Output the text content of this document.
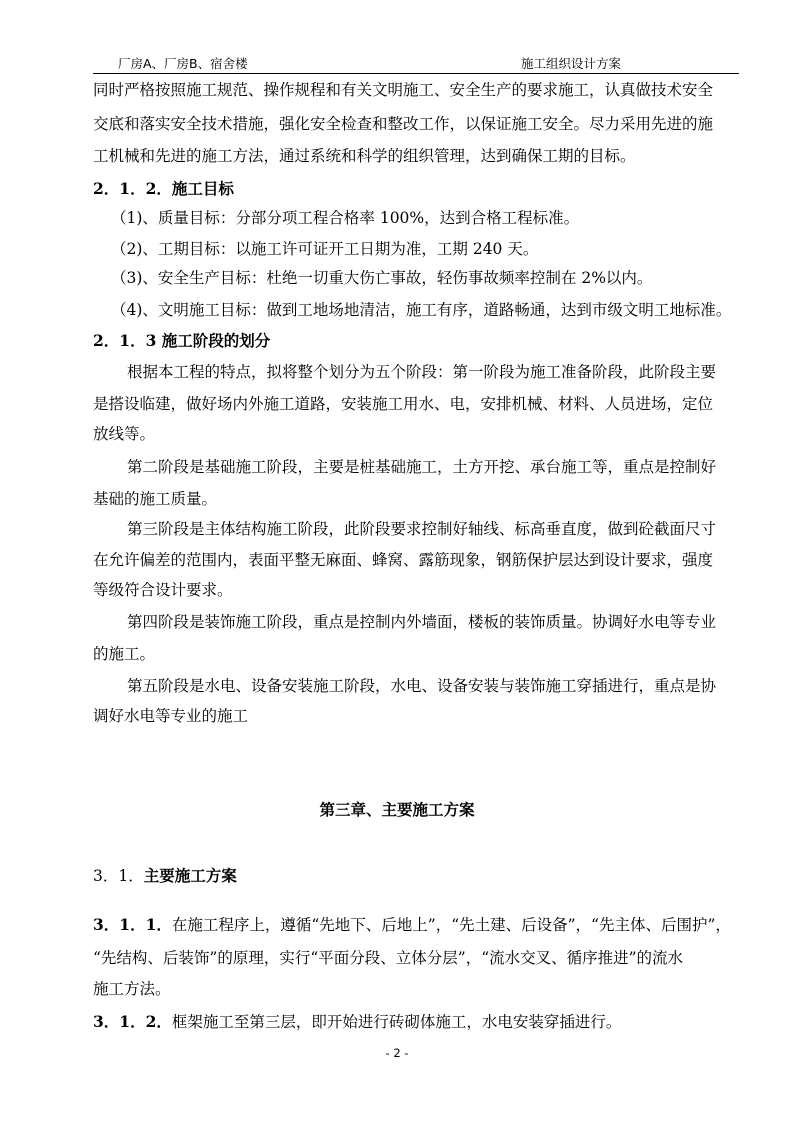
厂房A、厂房B、宿舍楼	施工组织设计方案
同时严格按照施工规范、操作规程和有关文明施工、安全生产的要求施工，认真做技术安全
交底和落实安全技术措施，强化安全检查和整改工作，以保证施工安全。尽力采用先进的施
工机械和先进的施工方法，通过系统和科学的组织管理，达到确保工期的目标。
2．1．2．施工目标
（1)、质量目标：分部分项工程合格率 100%，达到合格工程标准。
（2)、工期目标：以施工许可证开工日期为准，工期 240 天。
（3)、安全生产目标：杜绝一切重大伤亡事故，轻伤事故频率控制在 2%以内。
（4)、文明施工目标：做到工地场地清洁，施工有序，道路畅通，达到市级文明工地标准。
2．1．3 施工阶段的划分
根据本工程的特点，拟将整个划分为五个阶段：第一阶段为施工准备阶段，此阶段主要
是搭设临建，做好场内外施工道路，安装施工用水、电，安排机械、材料、人员进场，定位
放线等。
第二阶段是基础施工阶段，主要是桩基础施工，土方开挖、承台施工等，重点是控制好
基础的施工质量。
第三阶段是主体结构施工阶段，此阶段要求控制好轴线、标高垂直度，做到砼截面尺寸
在允许偏差的范围内，表面平整无麻面、蜂窝、露筋现象，钢筋保护层达到设计要求，强度
等级符合设计要求。
第四阶段是装饰施工阶段，重点是控制内外墙面，楼板的装饰质量。协调好水电等专业
的施工。
第五阶段是水电、设备安装施工阶段，水电、设备安装与装饰施工穿插进行，重点是协
调好水电等专业的施工
第三章、主要施工方案
3．1．主要施工方案
3．1．1．在施工程序上，遵循“先地下、后地上”，“先土建、后设备”，“先主体、后围护”，
“先结构、后装饰”的原理，实行“平面分段、立体分层”，“流水交叉、循序推进”的流水
施工方法。
3．1．2．框架施工至第三层，即开始进行砖砌体施工，水电安装穿插进行。
- 2 -
